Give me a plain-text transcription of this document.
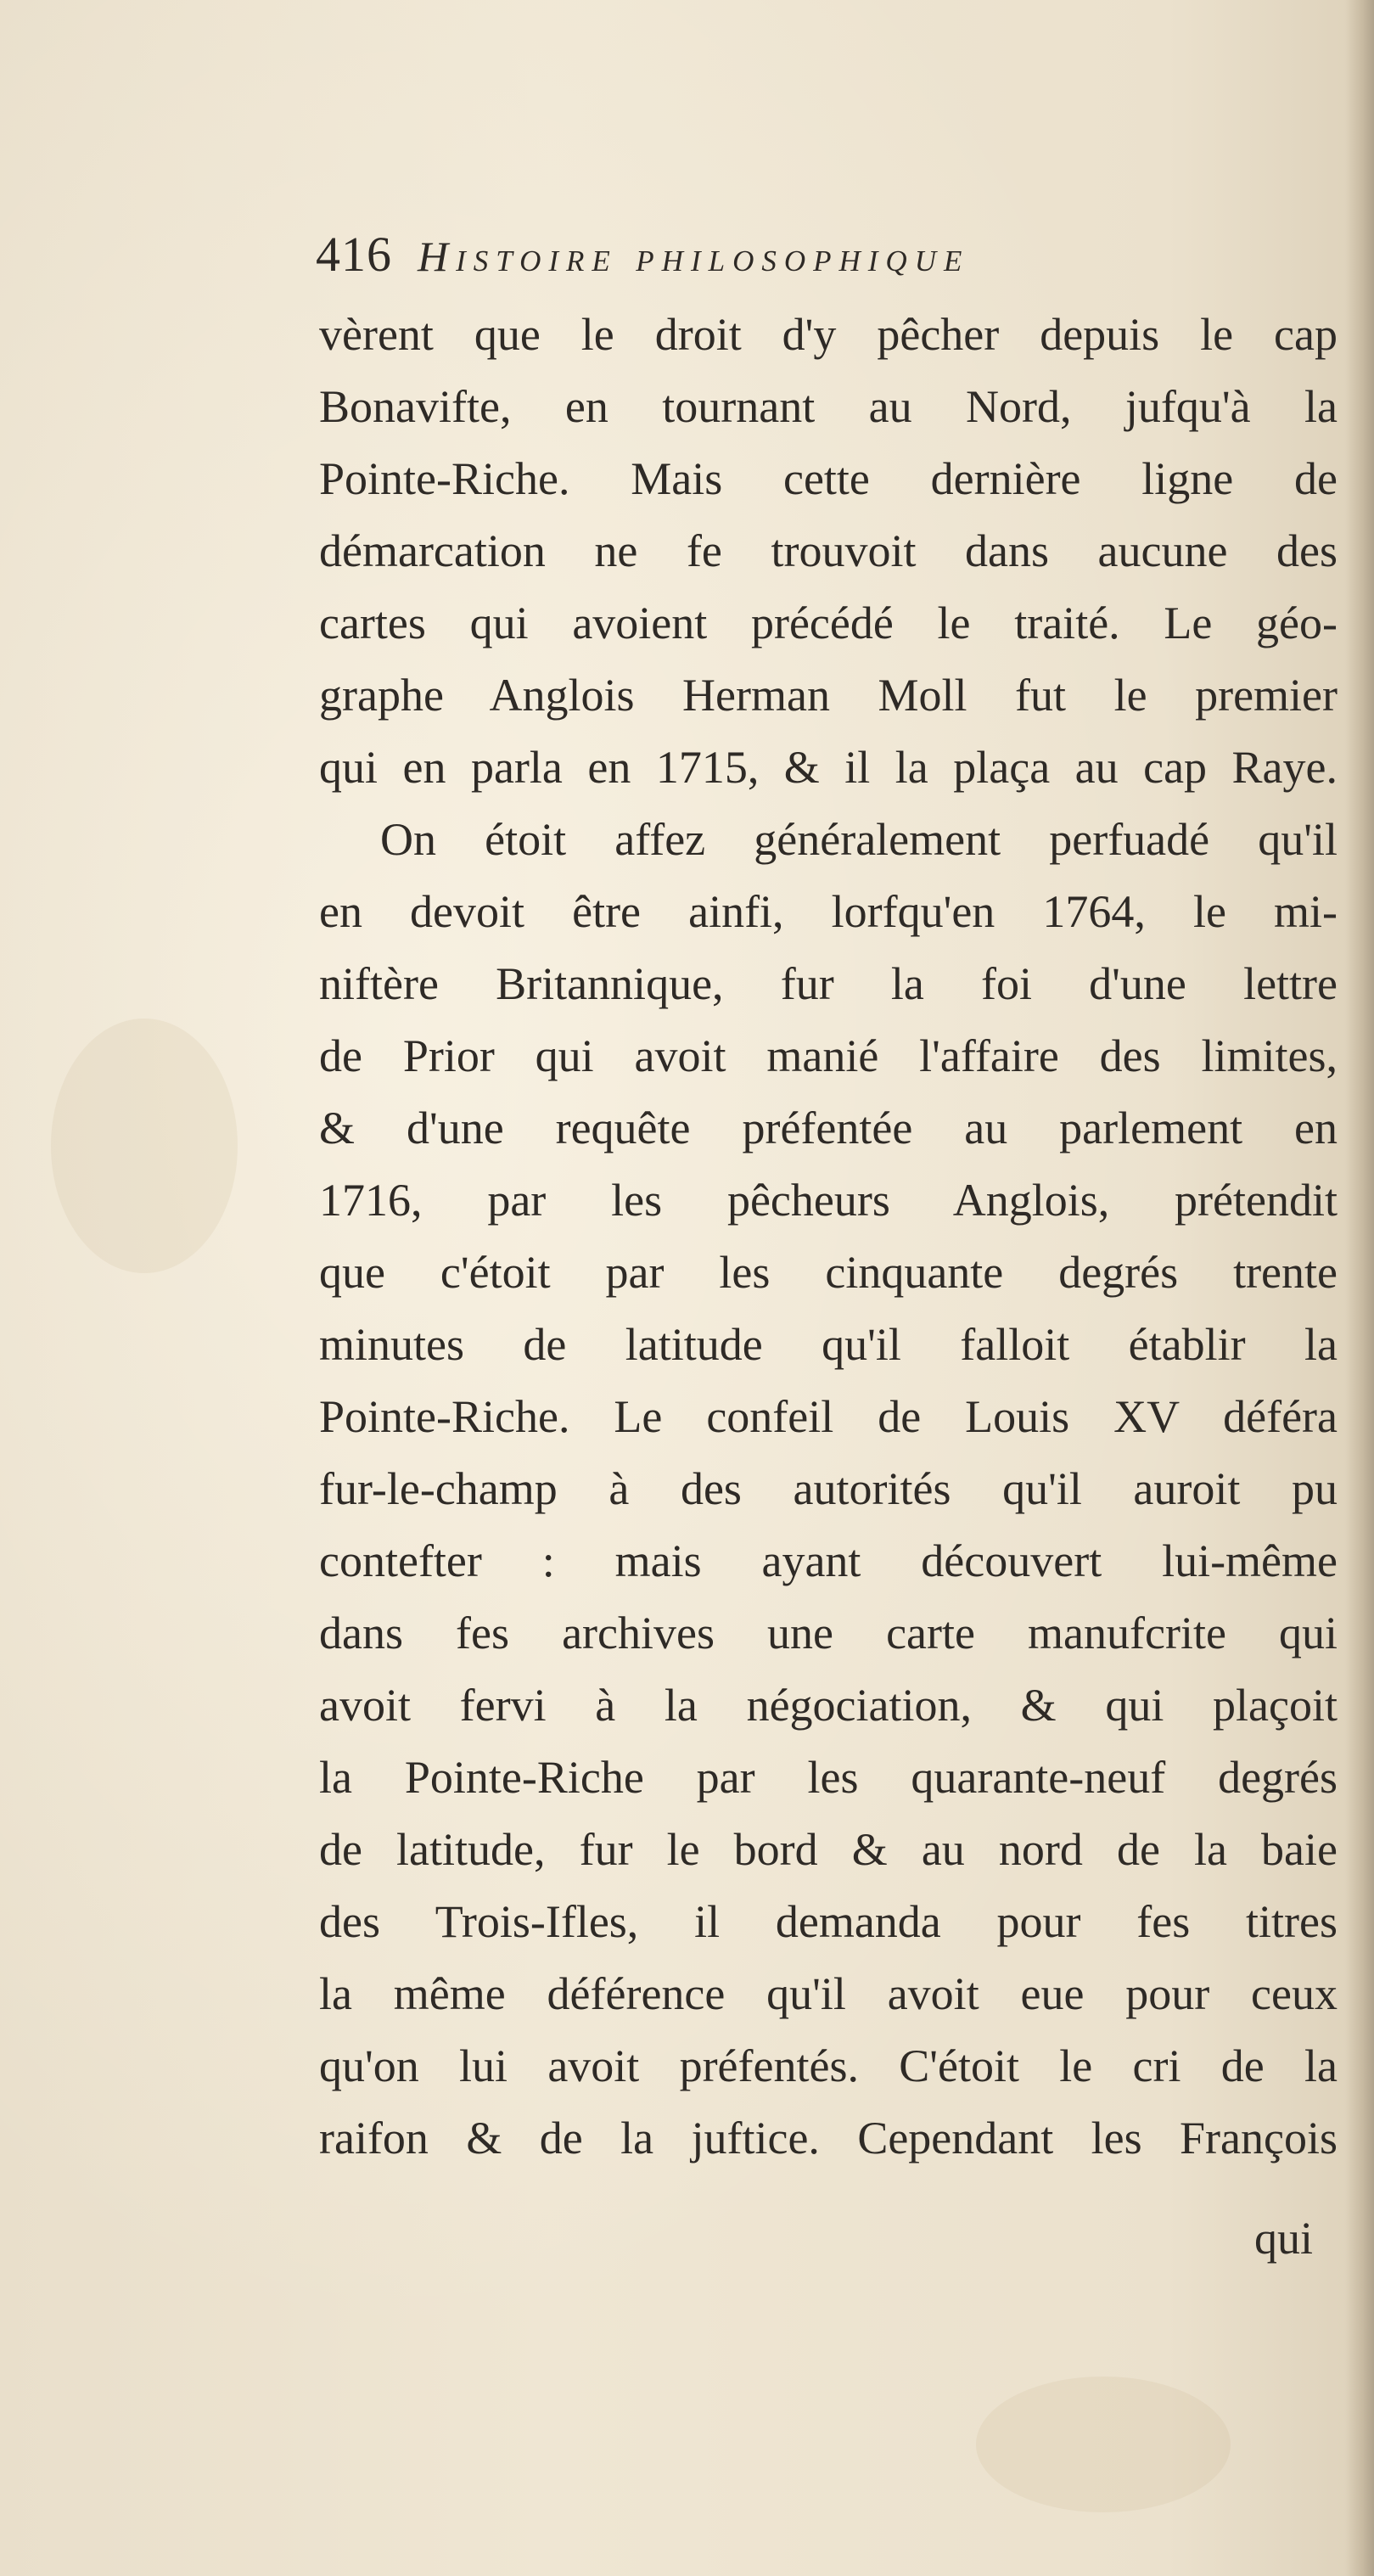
416 Histoire philosophique
vèrent que le droit d'y pêcher depuis le cap
Bonavifte, en tournant au Nord, jufqu'à la
Pointe-Riche. Mais cette dernière ligne de
démarcation ne fe trouvoit dans aucune des
cartes qui avoient précédé le traité. Le géo-
graphe Anglois Herman Moll fut le premier
qui en parla en 1715, & il la plaça au cap Raye.
On étoit affez généralement perfuadé qu'il
en devoit être ainfi, lorfqu'en 1764, le mi-
niftère Britannique, fur la foi d'une lettre
de Prior qui avoit manié l'affaire des limites,
& d'une requête préfentée au parlement en
1716, par les pêcheurs Anglois, prétendit
que c'étoit par les cinquante degrés trente
minutes de latitude qu'il falloit établir la
Pointe-Riche. Le confeil de Louis XV déféra
fur-le-champ à des autorités qu'il auroit pu
contefter : mais ayant découvert lui-même
dans fes archives une carte manufcrite qui
avoit fervi à la négociation, & qui plaçoit
la Pointe-Riche par les quarante-neuf degrés
de latitude, fur le bord & au nord de la baie
des Trois-Ifles, il demanda pour fes titres
la même déférence qu'il avoit eue pour ceux
qu'on lui avoit préfentés. C'étoit le cri de la
raifon & de la juftice. Cependant les François
qui
